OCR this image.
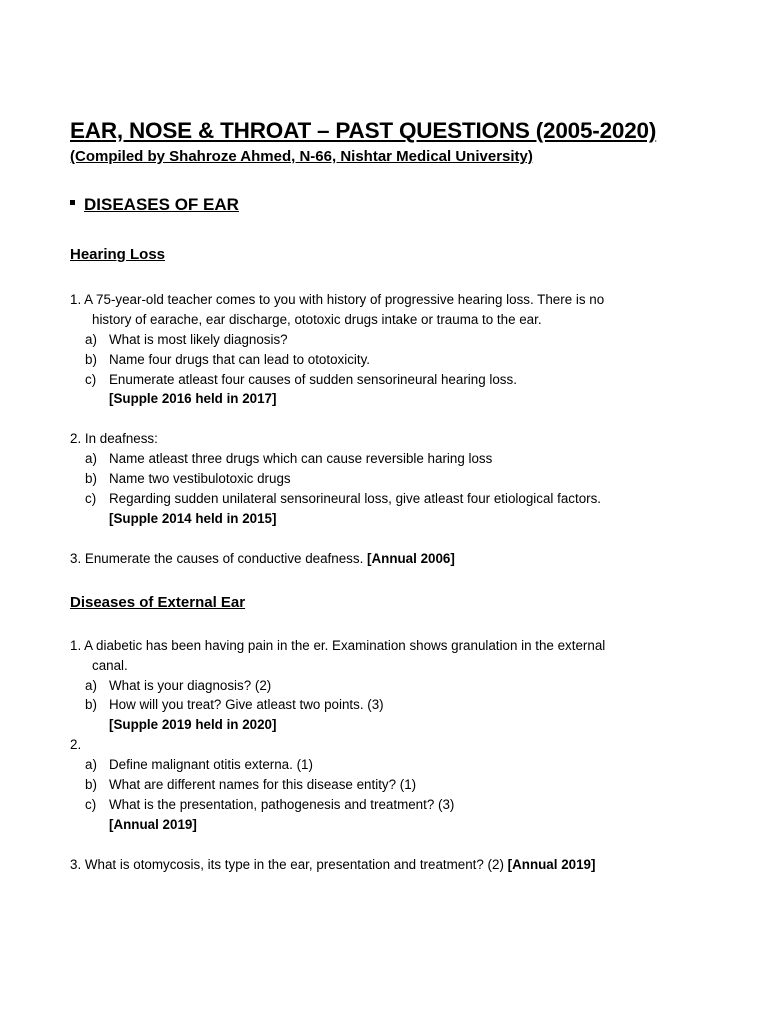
EAR, NOSE & THROAT – PAST QUESTIONS (2005-2020)
(Compiled by Shahroze Ahmed, N-66, Nishtar Medical University)
DISEASES OF EAR
Hearing Loss
1. A 75-year-old teacher comes to you with history of progressive hearing loss. There is no
history of earache, ear discharge, ototoxic drugs intake or trauma to the ear.
a) What is most likely diagnosis?
b) Name four drugs that can lead to ototoxicity.
c) Enumerate atleast four causes of sudden sensorineural hearing loss.
[Supple 2016 held in 2017]
2. In deafness:
a) Name atleast three drugs which can cause reversible haring loss
b) Name two vestibulotoxic drugs
c) Regarding sudden unilateral sensorineural loss, give atleast four etiological factors.
[Supple 2014 held in 2015]
3. Enumerate the causes of conductive deafness. [Annual 2006]
Diseases of External Ear
1. A diabetic has been having pain in the er. Examination shows granulation in the external
canal.
a) What is your diagnosis? (2)
b) How will you treat? Give atleast two points. (3)
[Supple 2019 held in 2020]
2.
a) Define malignant otitis externa. (1)
b) What are different names for this disease entity? (1)
c) What is the presentation, pathogenesis and treatment? (3)
[Annual 2019]
3. What is otomycosis, its type in the ear, presentation and treatment? (2) [Annual 2019]
